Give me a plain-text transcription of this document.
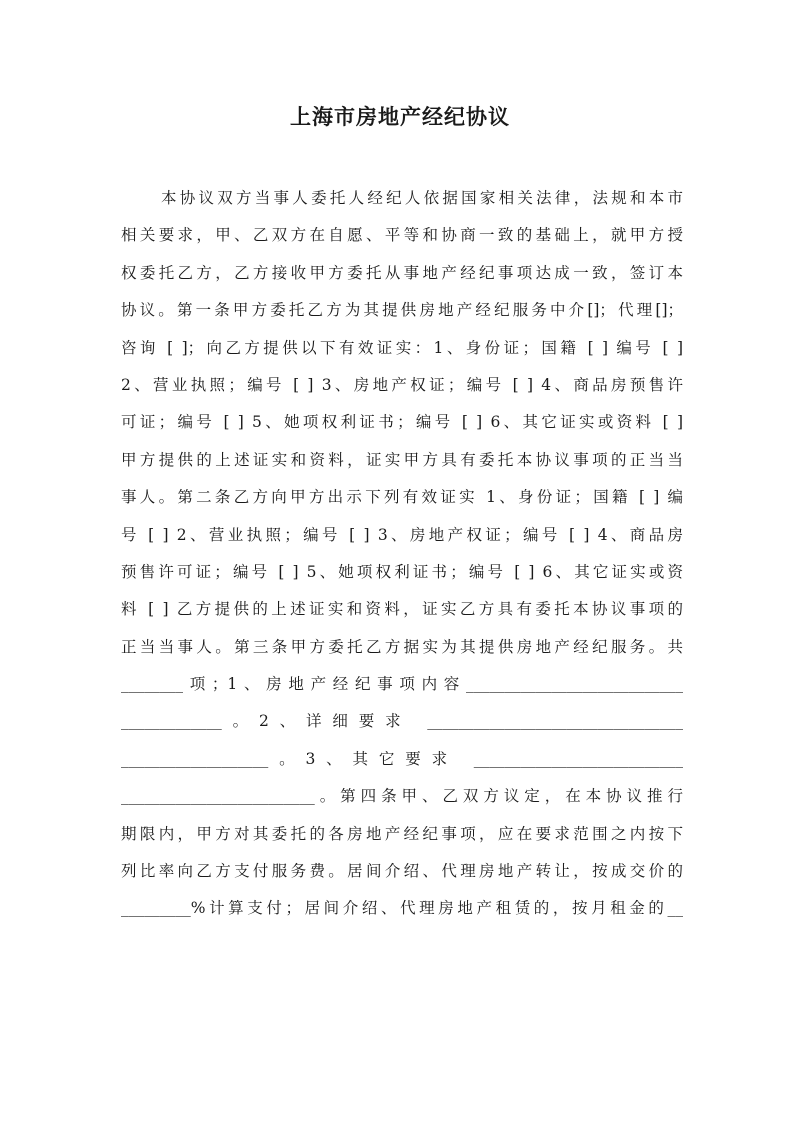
上海市房地产经纪协议
本协议双方当事人委托人经纪人依据国家相关法律，法规和本市
相关要求，甲、乙双方在自愿、平等和协商一致的基础上，就甲方授
权委托乙方，乙方接收甲方委托从事地产经纪事项达成一致，签订本
协议。第一条甲方委托乙方为其提供房地产经纪服务中介[]；代理[]；
咨询 [ ]；向乙方提供以下有效证实：1、身份证；国籍 [ ] 编号 [ ]
2、营业执照；编号 [ ] 3、房地产权证；编号 [ ] 4、商品房预售许
可证；编号 [ ] 5、她项权利证书；编号 [ ] 6、其它证实或资料 [ ]
甲方提供的上述证实和资料，证实甲方具有委托本协议事项的正当当
事人。第二条乙方向甲方出示下列有效证实 1、身份证；国籍 [ ] 编
号 [ ] 2、营业执照；编号 [ ] 3、房地产权证；编号 [ ] 4、商品房
预售许可证；编号 [ ] 5、她项权利证书；编号 [ ] 6、其它证实或资
料 [ ] 乙方提供的上述证实和资料，证实乙方具有委托本协议事项的
正当当事人。第三条甲方委托乙方据实为其提供房地产经纪服务。共
________项；1、房地产经纪事项内容____________________________
_____________。2、详细要求 _________________________________
___________________。3、其它要求 ___________________________
_________________________。第四条甲、乙双方议定，在本协议推行
期限内，甲方对其委托的各房地产经纪事项，应在要求范围之内按下
列比率向乙方支付服务费。居间介绍、代理房地产转让，按成交价的
_________%计算支付；居间介绍、代理房地产租赁的，按月租金的__
